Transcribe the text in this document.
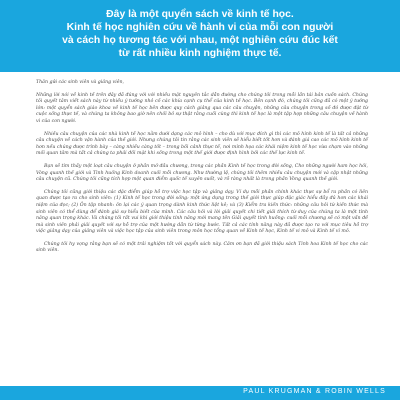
Đây là một quyển sách về kinh tế học.
Kinh tế học nghiên cứu về hành vi của mỗi con người
và cách họ tương tác với nhau, một nghiên cứu đúc kết
từ rất nhiều kinh nghiệm thực tế.

Thân gửi các sinh viên và giảng viên,

Những lời nói về kinh tế trên đây đã đúng với với nhiều mặt nguyên tắc dẫn đường cho chúng tôi trong mỗi lần tái bản cuốn sách. Chúng tôi quyết tâm viết sách này từ nhiều ý tưởng nhỏ cố các khía cạnh cụ thể của kinh tế học. Bên cạnh đó, chúng tôi cũng đã có một ý tưởng lớn: một quyển sách giáo khoa về kinh tế học bên được quy cách giảng qua các câu chuyện, những câu chuyện trong số đó được đặt từ cuộc sống thực tế, và chúng ta không bao giờ nên chối bỏ sự thật rằng cuối cùng thì kinh tế học là một tập hợp những câu chuyện về hành vi của con người.

Nhiều câu chuyện của các nhà kinh tế học nằm dưới dạng các mô hình – cho dù với mục đích gì thì các mô hình kinh tế là tất cả những câu chuyện về cách vận hành của thế giới. Nhưng chúng tôi tin rằng các sinh viên sẽ hiểu biết tốt hơn và đánh giá cao các mô hình kinh tế hơn nếu chúng được trình bày – càng nhiều càng tốt – trong bối cảnh thực tế, nơi mình họa các khái niệm kinh tế học vừa chạm vào những mối quan tâm mà tất cả chúng ta phải đối mặt khi sống trong một thế giới được định hình bởi các thế lực kinh tế.

Bạn sẽ tìm thấy một loạt câu chuyện ở phần mở đầu chương, trong các phần Kinh tế học trong đời sống, Cho những người ham học hỏi, Vòng quanh thế giới và Tình huống Kinh doanh cuối mỗi chương. Như thường lệ, chúng tôi thêm nhiều câu chuyện mới và cập nhật những câu chuyện cũ. Chúng tôi cũng tích hợp một quan điểm quốc tế xuyên suốt, và rõ ràng nhất là trong phần Vòng quanh thế giới.

Chúng tôi cũng giới thiệu các đặc điểm giúp hỗ trợ việc học tập và giảng dạy. Ví dụ mỗi phần chính khác thực sự bổ ra phần có liên quan được tạo ra cho sinh viên: (1) Kinh tế học trong đời sống: một ứng dụng trong thế giới thực giúp đặc giác hiểu đầy đủ hơn các khái niệm của đọc; (2) Ôn tập nhanh: ôn lại các ý quan trọng dành kinh thức liệt kê; và (3) Kiểm tra kiến thức: những câu hỏi từ kiến thức mà sinh viên có thể dùng để đánh giá sự hiểu biết của mình. Các câu hỏi và lời giải quyết chi tiết giải thích từ duy của chúng ta là một tình năng quan trọng khác. Và chúng tôi rất vui khi giới thiệu tính năng mới mang tên Giải quyết tình huống: cuối mỗi chương sẽ có một vấn đề mà sinh viên phải giải quyết với sự hỗ trợ của một hướng dẫn từ từng bước. Tất cả các tính năng này đã được tạo ra với mục tiêu hỗ trợ việc giảng dạy của giảng viên và việc học tập của sinh viên trong môn học tổng quan về Kinh tế học, Kinh tế vi mô và Kinh tế vĩ mô.

Chúng tôi hy vọng rằng bạn sẽ có một trải nghiệm tốt với quyển sách này. Cảm ơn bạn đã giới thiệu sách Tinh hoa Kinh tế học cho các sinh viên.

PAUL KRUGMAN & ROBIN WELLS
